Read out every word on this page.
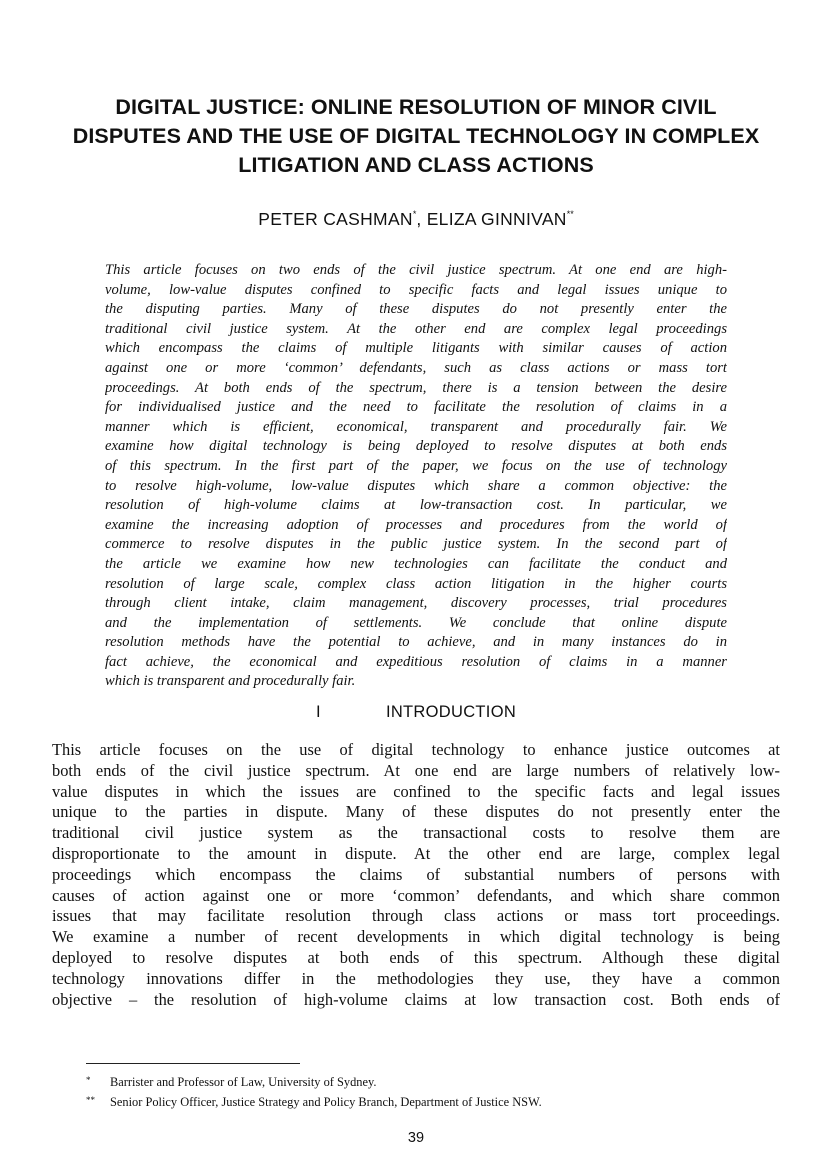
DIGITAL JUSTICE: ONLINE RESOLUTION OF MINOR CIVIL
DISPUTES AND THE USE OF DIGITAL TECHNOLOGY IN COMPLEX
LITIGATION AND CLASS ACTIONS
PETER CASHMAN*, ELIZA GINNIVAN**
This article focuses on two ends of the civil justice spectrum. At one end are high-
volume, low-value disputes confined to specific facts and legal issues unique to
the disputing parties. Many of these disputes do not presently enter the
traditional civil justice system. At the other end are complex legal proceedings
which encompass the claims of multiple litigants with similar causes of action
against one or more ‘common’ defendants, such as class actions or mass tort
proceedings. At both ends of the spectrum, there is a tension between the desire
for individualised justice and the need to facilitate the resolution of claims in a
manner which is efficient, economical, transparent and procedurally fair. We
examine how digital technology is being deployed to resolve disputes at both ends
of this spectrum. In the first part of the paper, we focus on the use of technology
to resolve high-volume, low-value disputes which share a common objective: the
resolution of high-volume claims at low-transaction cost. In particular, we
examine the increasing adoption of processes and procedures from the world of
commerce to resolve disputes in the public justice system. In the second part of
the article we examine how new technologies can facilitate the conduct and
resolution of large scale, complex class action litigation in the higher courts
through client intake, claim management, discovery processes, trial procedures
and the implementation of settlements. We conclude that online dispute
resolution methods have the potential to achieve, and in many instances do in
fact achieve, the economical and expeditious resolution of claims in a manner
which is transparent and procedurally fair.
I	INTRODUCTION
This article focuses on the use of digital technology to enhance justice outcomes at
both ends of the civil justice spectrum. At one end are large numbers of relatively low-
value disputes in which the issues are confined to the specific facts and legal issues
unique to the parties in dispute. Many of these disputes do not presently enter the
traditional civil justice system as the transactional costs to resolve them are
disproportionate to the amount in dispute. At the other end are large, complex legal
proceedings which encompass the claims of substantial numbers of persons with
causes of action against one or more ‘common’ defendants, and which share common
issues that may facilitate resolution through class actions or mass tort proceedings.
We examine a number of recent developments in which digital technology is being
deployed to resolve disputes at both ends of this spectrum. Although these digital
technology innovations differ in the methodologies they use, they have a common
objective – the resolution of high-volume claims at low transaction cost. Both ends of
* Barrister and Professor of Law, University of Sydney.
** Senior Policy Officer, Justice Strategy and Policy Branch, Department of Justice NSW.
39
